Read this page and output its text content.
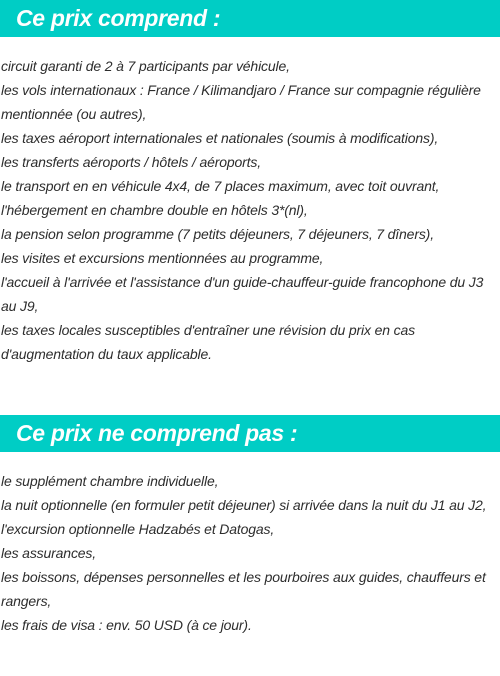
Ce prix comprend :
circuit garanti de 2 à 7 participants par véhicule,
les vols internationaux : France / Kilimandjaro / France sur compagnie régulière mentionnée (ou autres),
les taxes aéroport internationales et nationales (soumis à modifications),
les transferts aéroports / hôtels / aéroports,
le transport en en véhicule 4x4, de 7 places maximum, avec toit ouvrant,
l'hébergement en chambre double en hôtels 3*(nl),
la pension selon programme (7 petits déjeuners, 7 déjeuners, 7 dîners),
les visites et excursions mentionnées au programme,
l'accueil à l'arrivée et l'assistance d'un guide-chauffeur-guide francophone du J3 au J9,
les taxes locales susceptibles d'entraîner une révision du prix en cas d'augmentation du taux applicable.
Ce prix ne comprend pas :
le supplément chambre individuelle,
la nuit optionnelle (en formuler petit déjeuner) si arrivée dans la nuit du J1 au J2,
l'excursion optionnelle Hadzabés et Datogas,
les assurances,
les boissons, dépenses personnelles et les pourboires aux guides, chauffeurs et rangers,
les frais de visa : env. 50 USD (à ce jour).
